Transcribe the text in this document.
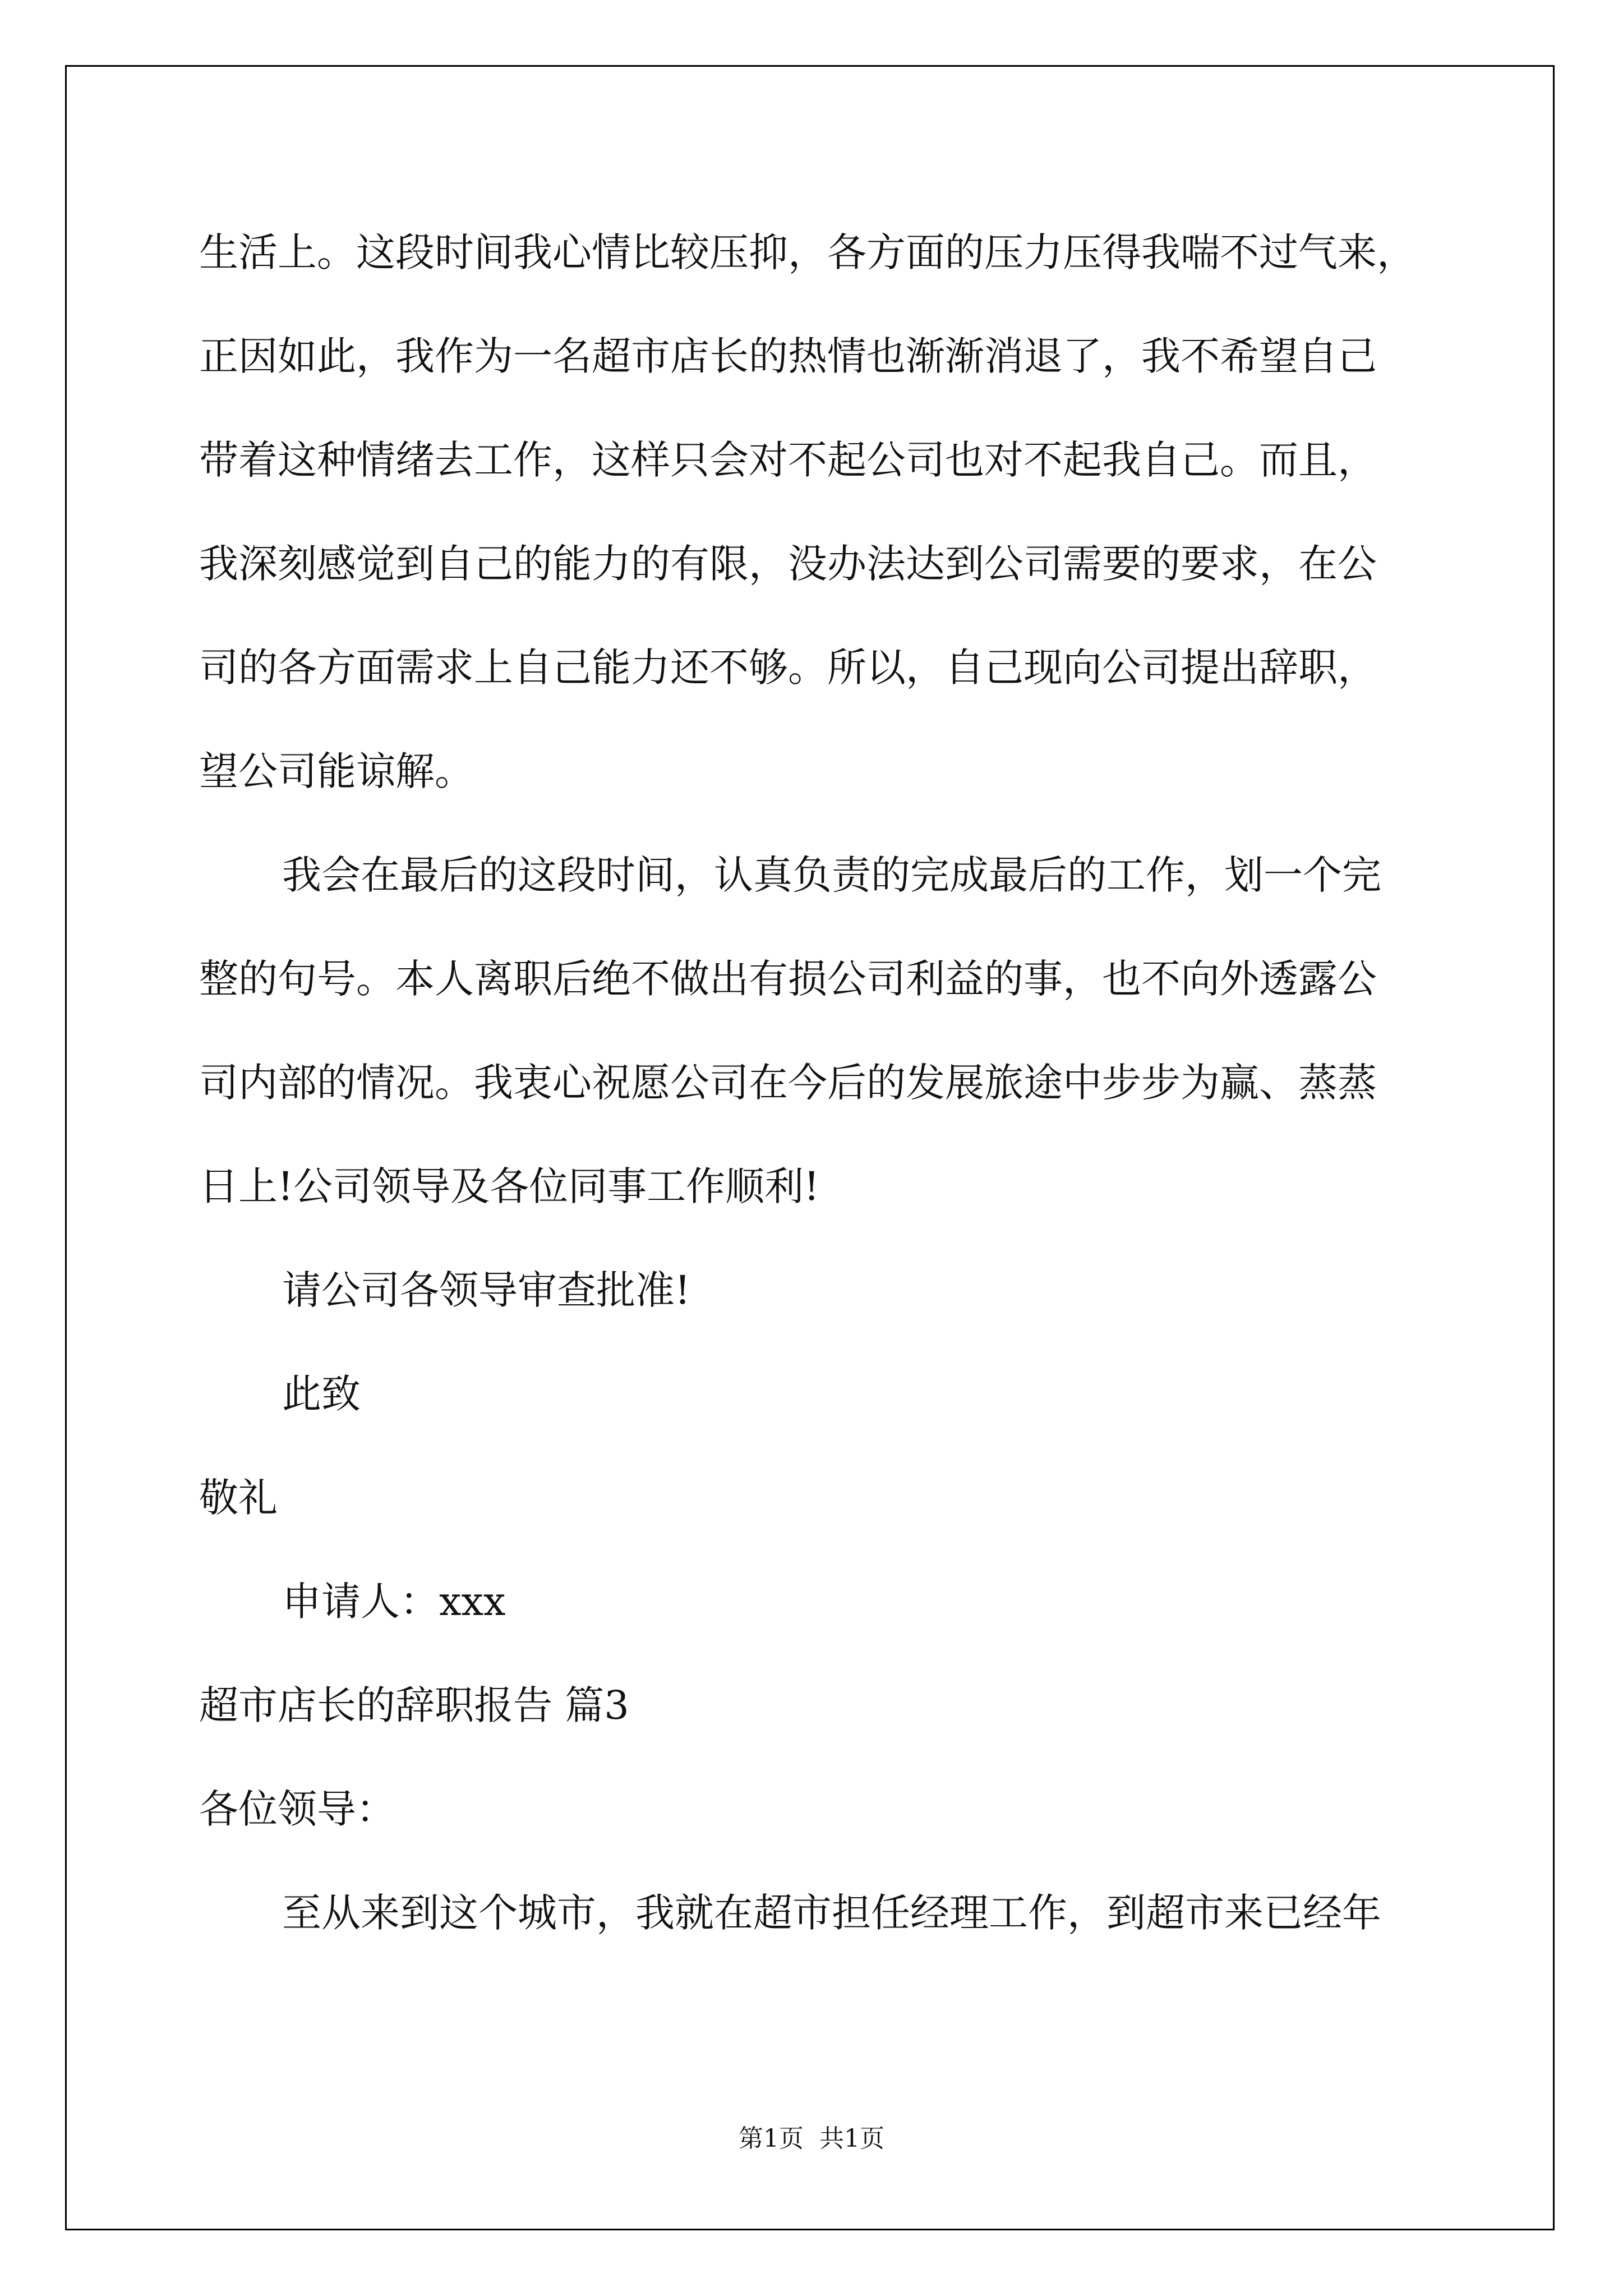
生活上。这段时间我心情比较压抑，各方面的压力压得我喘不过气来，
正因如此，我作为一名超市店长的热情也渐渐消退了，我不希望自己
带着这种情绪去工作，这样只会对不起公司也对不起我自己。而且，
我深刻感觉到自己的能力的有限，没办法达到公司需要的要求，在公
司的各方面需求上自己能力还不够。所以，自己现向公司提出辞职，
望公司能谅解。
我会在最后的这段时间，认真负责的完成最后的工作，划一个完
整的句号。本人离职后绝不做出有损公司利益的事，也不向外透露公
司内部的情况。我衷心祝愿公司在今后的发展旅途中步步为赢、蒸蒸
日上!公司领导及各位同事工作顺利!
请公司各领导审查批准!
此致
敬礼
申请人：xxx
超市店长的辞职报告 篇3
各位领导：
至从来到这个城市，我就在超市担任经理工作，到超市来已经年
第1页  共1页
